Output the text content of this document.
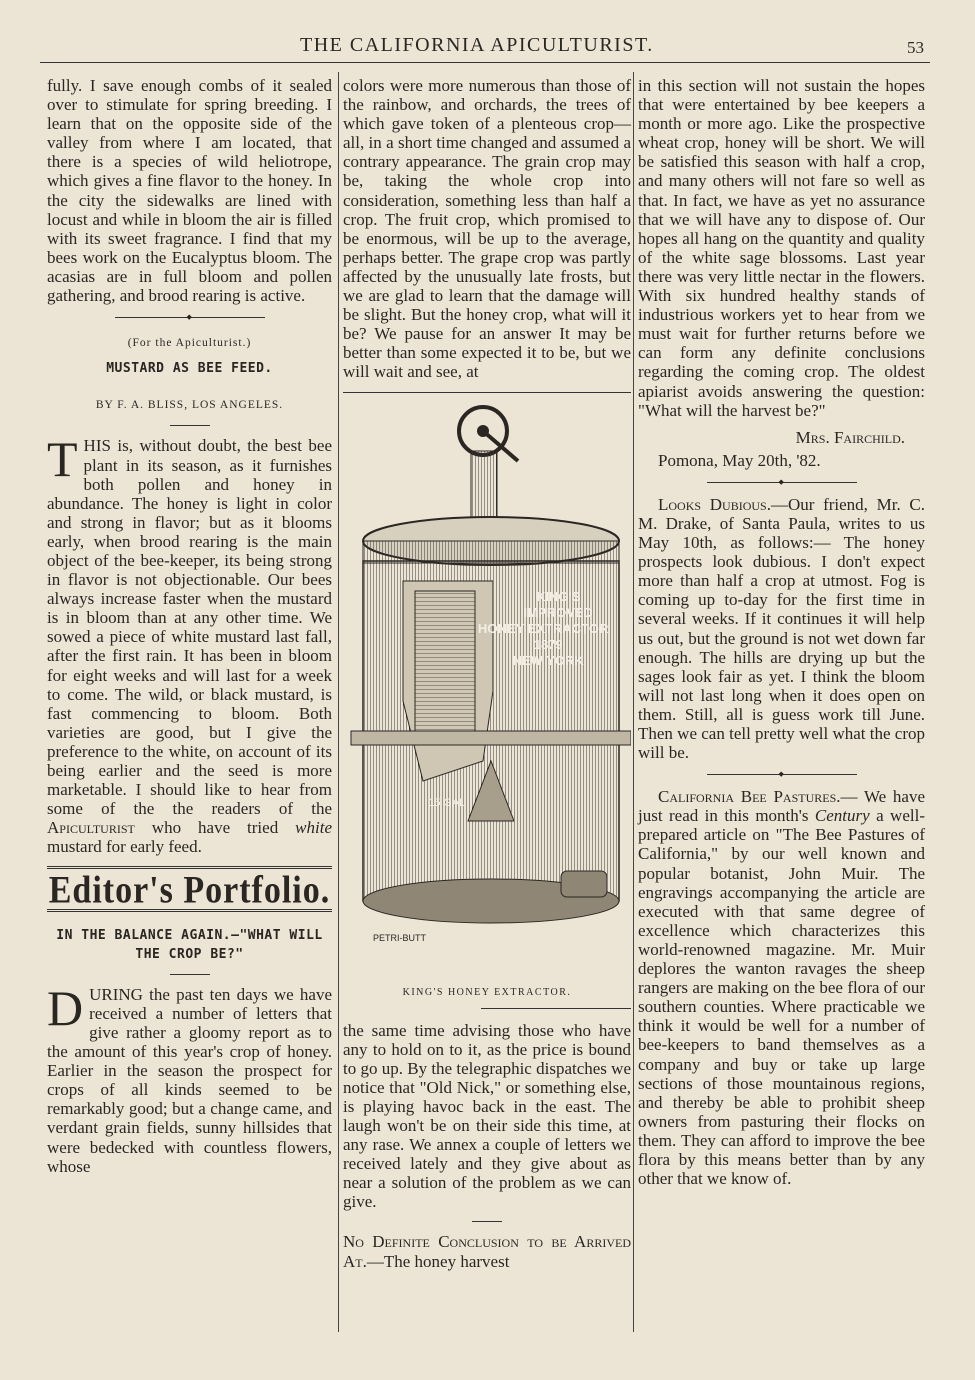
THE CALIFORNIA APICULTURIST.	53

fully. I save enough combs of it sealed over to stimulate for spring breeding. I learn that on the opposite side of the valley from where I am located, that there is a species of wild heliotrope, which gives a fine flavor to the honey. In the city the sidewalks are lined with locust and while in bloom the air is filled with its sweet fragrance. I find that my bees work on the Eucalyptus bloom. The acasias are in full bloom and pollen gathering, and brood rearing is active.

◆

(For the Apiculturist.)

MUSTARD AS BEE FEED.

BY F. A. BLISS, LOS ANGELES.

THIS is, without doubt, the best bee plant in its season, as it furnishes both pollen and honey in abundance. The honey is light in color and strong in flavor; but as it blooms early, when brood rearing is the main object of the bee-keeper, its being strong in flavor is not objectionable. Our bees always increase faster when the mustard is in bloom than at any other time. We sowed a piece of white mustard last fall, after the first rain. It has been in bloom for eight weeks and will last for a week to come. The wild, or black mustard, is fast commencing to bloom. Both varieties are good, but I give the preference to the white, on account of its being earlier and the seed is more marketable. I should like to hear from some of the the readers of the Apiculturist who have tried white mustard for early feed.

Editor's Portfolio.

IN THE BALANCE AGAIN.—"WHAT WILL THE CROP BE?"

DURING the past ten days we have received a number of letters that give rather a gloomy report as to the amount of this year's crop of honey. Earlier in the season the prospect for crops of all kinds seemed to be remarkably good; but a change came, and verdant grain fields, sunny hillsides that were bedecked with countless flowers, whose

colors were more numerous than those of the rainbow, and orchards, the trees of which gave token of a plenteous crop—all, in a short time changed and assumed a contrary appearance. The grain crop may be, taking the whole crop into consideration, something less than half a crop. The fruit crop, which promised to be enormous, will be up to the average, perhaps better. The grape crop was partly affected by the unusually late frosts, but we are glad to learn that the damage will be slight. But the honey crop, what will it be? We pause for an answer It may be better than some expected it to be, but we will wait and see, at

KING'S
IMPROVED
HONEY EXTRACTOR
1879
NEW YORK
15 GAL
PETRI-BUTT
KING'S HONEY EXTRACTOR.

the same time advising those who have any to hold on to it, as the price is bound to go up. By the telegraphic dispatches we notice that "Old Nick," or something else, is playing havoc back in the east. The laugh won't be on their side this time, at any rase. We annex a couple of letters we received lately and they give about as near a solution of the problem as we can give.

No Definite Conclusion to be Arrived At.—The honey harvest

in this section will not sustain the hopes that were entertained by bee keepers a month or more ago. Like the prospective wheat crop, honey will be short. We will be satisfied this season with half a crop, and many others will not fare so well as that. In fact, we have as yet no assurance that we will have any to dispose of. Our hopes all hang on the quantity and quality of the white sage blossoms. Last year there was very little nectar in the flowers. With six hundred healthy stands of industrious workers yet to hear from we must wait for further returns before we can form any definite conclusions regarding the coming crop. The oldest apiarist avoids answering the question: "What will the harvest be?"

Mrs. Fairchild.

Pomona, May 20th, '82.

◆

Looks Dubious.—Our friend, Mr. C. M. Drake, of Santa Paula, writes to us May 10th, as follows:— The honey prospects look dubious. I don't expect more than half a crop at utmost. Fog is coming up to-day for the first time in several weeks. If it continues it will help us out, but the ground is not wet down far enough. The hills are drying up but the sages look fair as yet. I think the bloom will not last long when it does open on them. Still, all is guess work till June. Then we can tell pretty well what the crop will be.

◆

California Bee Pastures.— We have just read in this month's Century a well-prepared article on "The Bee Pastures of California," by our well known and popular botanist, John Muir. The engravings accompanying the article are executed with that same degree of excellence which characterizes this world-renowned magazine. Mr. Muir deplores the wanton ravages the sheep rangers are making on the bee flora of our southern counties. Where practicable we think it would be well for a number of bee-keepers to band themselves as a company and buy or take up large sections of those mountainous regions, and thereby be able to prohibit sheep owners from pasturing their flocks on them. They can afford to improve the bee flora by this means better than by any other that we know of.
